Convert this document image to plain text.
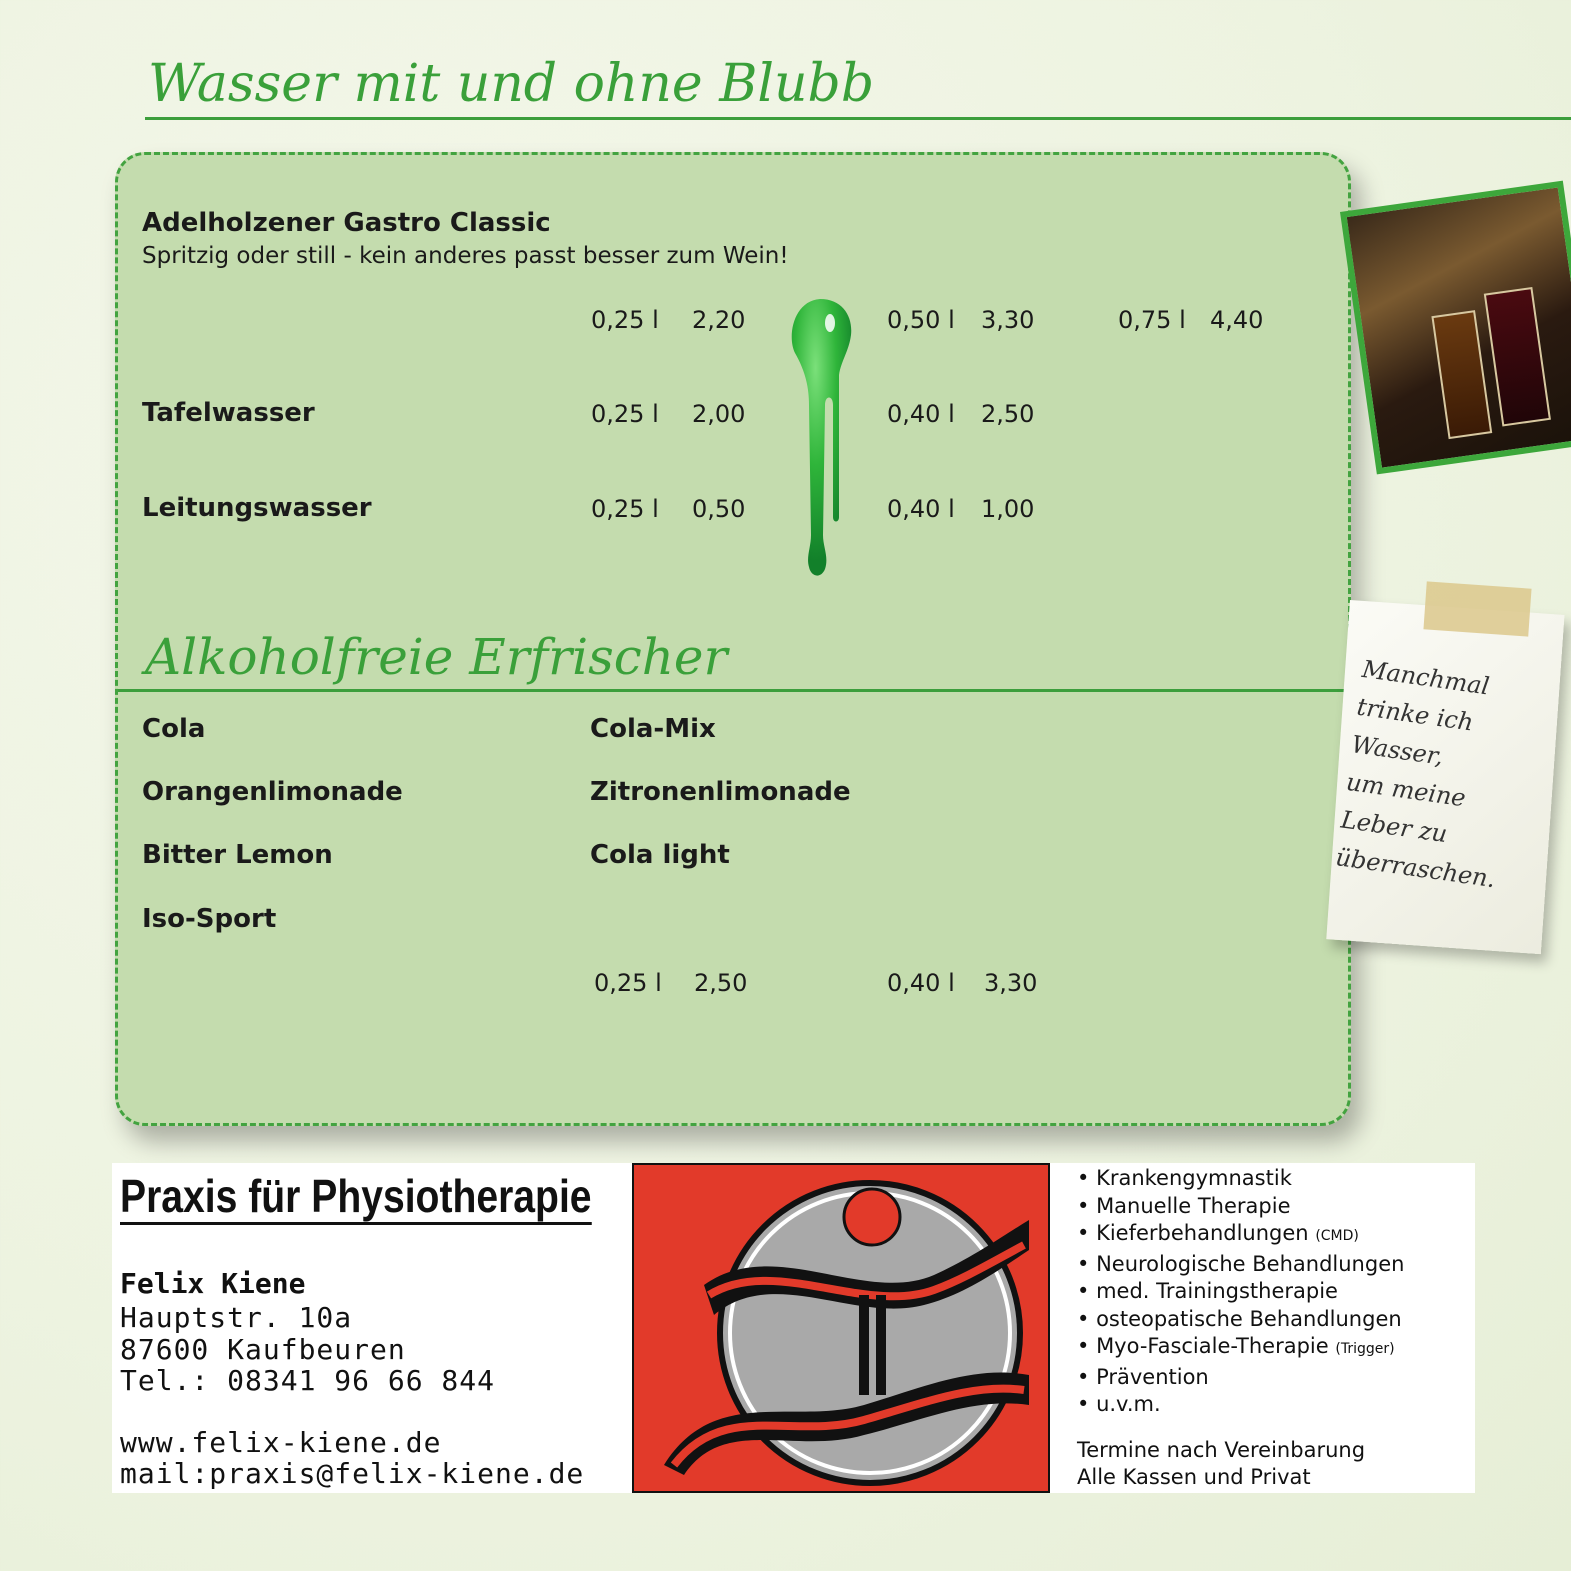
Wasser mit und ohne Blubb
Adelholzener Gastro Classic
Spritzig oder still - kein anderes passt besser zum Wein!
0,25 l 2,20	0,50 l 3,30	0,75 l 4,40
Tafelwasser	0,25 l 2,00	0,40 l 2,50
Leitungswasser	0,25 l 0,50	0,40 l 1,00
Alkoholfreie Erfrischer
Cola
Orangenlimonade
Bitter Lemon
Iso-Sport
Cola-Mix
Zitronenlimonade
Cola light
0,25 l 2,50	0,40 l 3,30
Manchmal
trinke ich
Wasser,
um meine
Leber zu
überraschen.
Praxis für Physiotherapie
Felix Kiene
Hauptstr. 10a
87600 Kaufbeuren
Tel.: 08341 96 66 844
www.felix-kiene.de
mail:praxis@felix-kiene.de
• Krankengymnastik
• Manuelle Therapie
• Kieferbehandlungen (CMD)
• Neurologische Behandlungen
• med. Trainingstherapie
• osteopatische Behandlungen
• Myo-Fasciale-Therapie (Trigger)
• Prävention
• u.v.m.
Termine nach Vereinbarung
Alle Kassen und Privat
